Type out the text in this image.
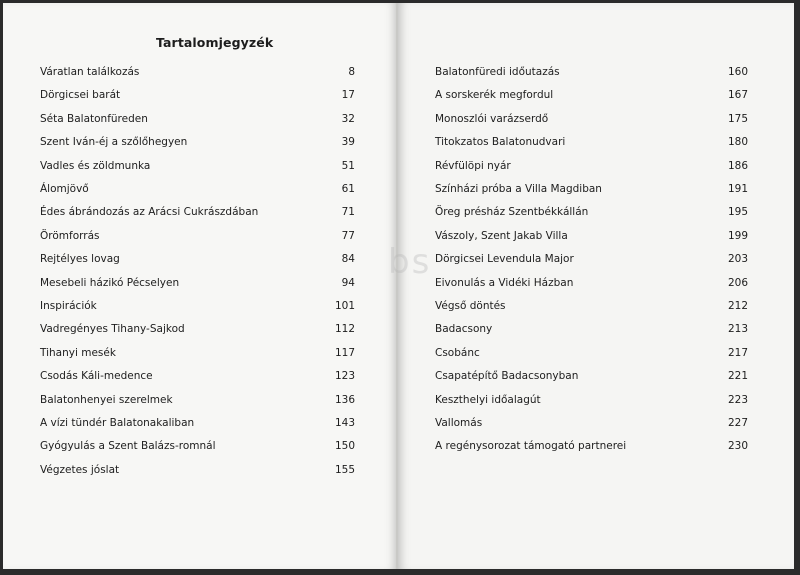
Tartalomjegyzék
Váratlan találkozás	8
Dörgicsei barát	17
Séta Balatonfüreden	32
Szent Iván-éj a szőlőhegyen	39
Vadles és zöldmunka	51
Álomjövő	61
Édes ábrándozás az Arácsi Cukrászdában	71
Örömforrás	77
Rejtélyes lovag	84
Mesebeli házikó Pécselyen	94
Inspirációk	101
Vadregényes Tihany-Sajkod	112
Tihanyi mesék	117
Csodás Káli-medence	123
Balatonhenyei szerelmek	136
A vízi tündér Balatonakaliban	143
Gyógyulás a Szent Balázs-romnál	150
Végzetes jóslat	155
Balatonfüredi időutazás	160
A sorskerék megfordul	167
Monoszlói varázserdő	175
Titokzatos Balatonudvari	180
Révfülöpi nyár	186
Színházi próba a Villa Magdiban	191
Öreg présház Szentbékkállán	195
Vászoly, Szent Jakab Villa	199
Dörgicsei Levendula Major	203
Eivonulás a Vidéki Házban	206
Végső döntés	212
Badacsony	213
Csobánc	217
Csapatépítő Badacsonyban	221
Keszthelyi időalagút	223
Vallomás	227
A regénysorozat támogató partnerei	230
bs
